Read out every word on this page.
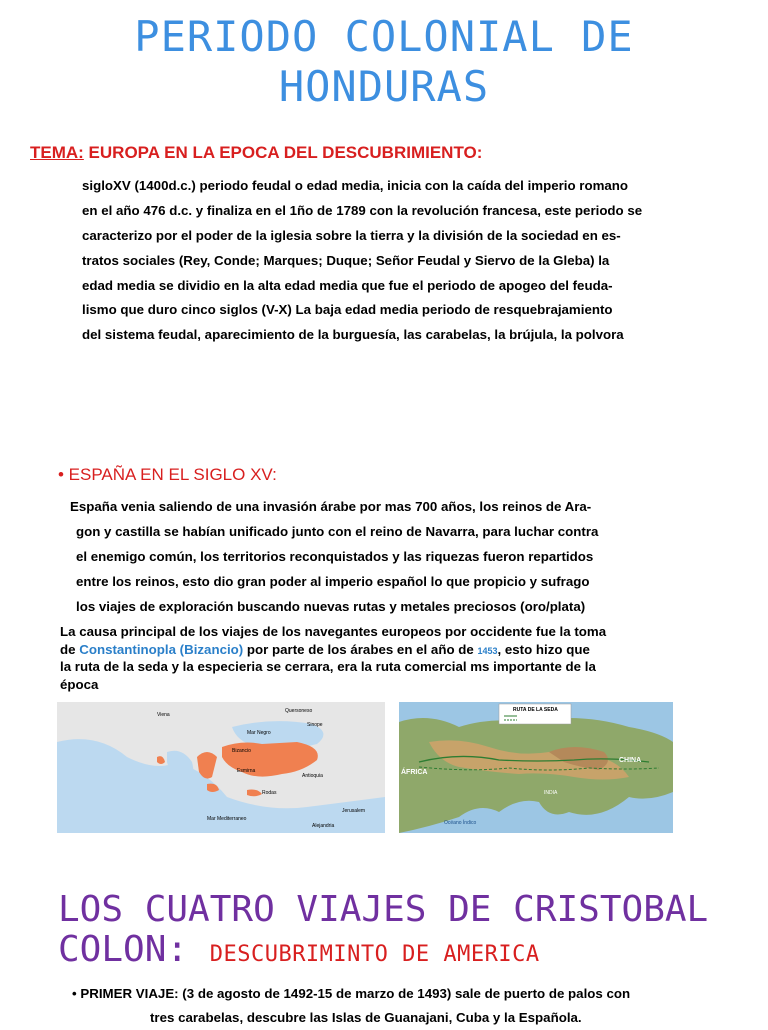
PERIODO COLONIAL DE
HONDURAS
TEMA: EUROPA EN LA EPOCA DEL DESCUBRIMIENTO:
sigloXV (1400d.c.) periodo feudal o edad media, inicia con la caída del imperio romano
en el año 476 d.c. y finaliza en el 1ño de 1789 con la revolución francesa, este periodo se
caracterizo por el poder de la iglesia sobre la tierra y la división de la sociedad en es-
tratos sociales (Rey, Conde; Marques; Duque; Señor Feudal y Siervo de la Gleba) la
edad media se dividio en la alta edad media que fue el periodo de apogeo del feuda-
lismo que duro cinco siglos (V-X) La baja edad media periodo de resquebrajamiento
del sistema feudal, aparecimiento de la burguesía, las carabelas, la brújula, la polvora
• ESPAÑA EN EL SIGLO XV:
España venia saliendo de una invasión árabe por mas 700 años, los reinos de Ara-
gon y castilla se habían unificado junto con el reino de Navarra, para luchar contra
el enemigo común, los territorios reconquistados y las riquezas fueron repartidos
entre los reinos, esto dio gran poder al imperio español lo que propicio y sufrago
los viajes de exploración buscando nuevas rutas y metales preciosos (oro/plata)
La causa principal de los viajes de los navegantes europeos por occidente fue la toma
de Constantinopla (Bizancio) por parte de los árabes en el año de 1453, esto hizo que
la ruta de la seda y la especieria se cerrara, era la ruta comercial ms importante de la
época
Viena
Mar Negro
Quersoneso
Sinope
Bizancio
Esmirna
Rodas
Antioquia
Mar Mediterraneo
Alejandria
Jerusalem
RUTA DE LA SEDA
ÁFRICA
CHINA
INDIA
Océano Índico
LOS CUATRO VIAJES DE CRISTOBAL
COLON: DESCUBRIMINTO DE AMERICA
• PRIMER VIAJE: (3 de agosto de 1492-15 de marzo de 1493) sale de puerto de palos con
tres carabelas, descubre las Islas de Guanajani, Cuba y la Española.
